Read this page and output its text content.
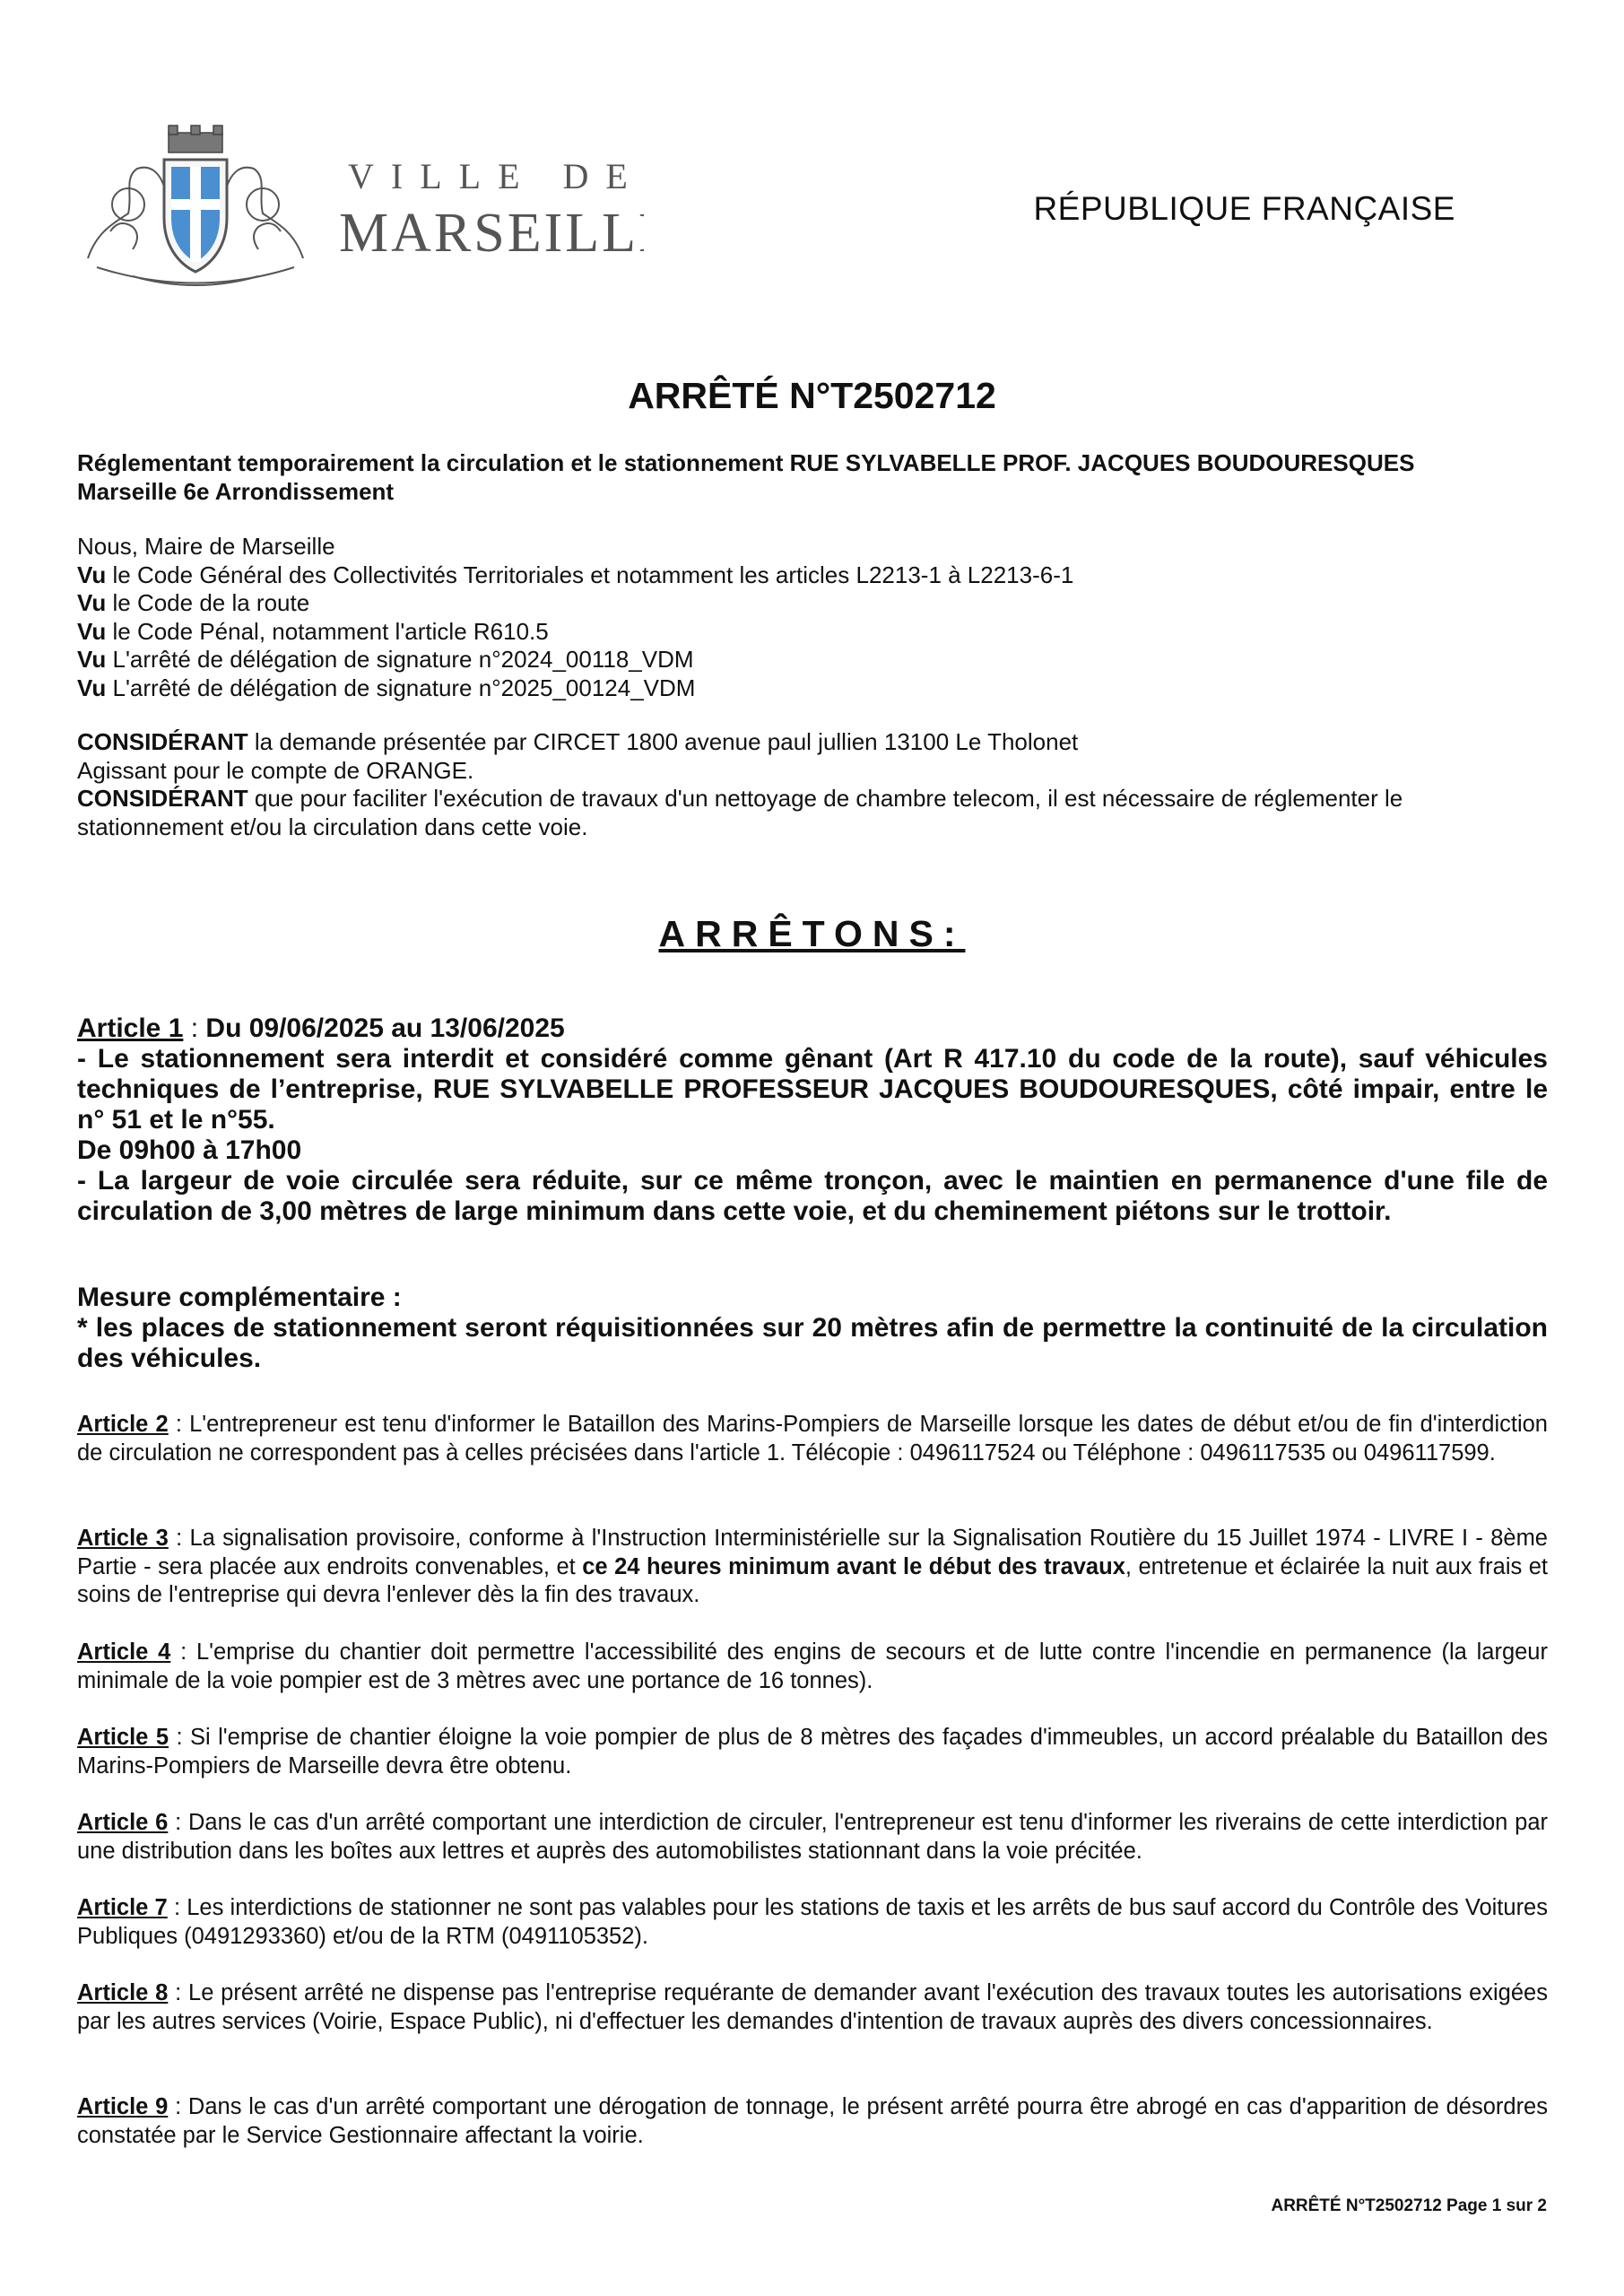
VILLE DE
MARSEILLE	RÉPUBLIQUE FRANÇAISE
ARRÊTÉ N°T2502712
Réglementant temporairement la circulation et le stationnement RUE SYLVABELLE PROF. JACQUES BOUDOURESQUES
Marseille 6e Arrondissement
Nous, Maire de Marseille
Vu le Code Général des Collectivités Territoriales et notamment les articles L2213-1 à L2213-6-1
Vu le Code de la route
Vu le Code Pénal, notamment l'article R610.5
Vu L'arrêté de délégation de signature n°2024_00118_VDM
Vu L'arrêté de délégation de signature n°2025_00124_VDM
CONSIDÉRANT la demande présentée par CIRCET 1800 avenue paul jullien 13100 Le Tholonet
Agissant pour le compte de ORANGE.
CONSIDÉRANT que pour faciliter l'exécution de travaux d'un nettoyage de chambre telecom, il est nécessaire de réglementer le stationnement et/ou la circulation dans cette voie.
ARRÊTONS:

Article 1 : Du 09/06/2025 au 13/06/2025

- Le stationnement sera interdit et considéré comme gênant (Art R 417.10 du code de la route), sauf véhicules techniques de l’entreprise, RUE SYLVABELLE PROFESSEUR JACQUES BOUDOURESQUES, côté impair, entre le n° 51 et le n°55.

De 09h00 à 17h00

- La largeur de voie circulée sera réduite, sur ce même tronçon, avec le maintien en permanence d'une file de circulation de 3,00 mètres de large minimum dans cette voie, et du cheminement piétons sur le trottoir.

Mesure complémentaire :

* les places de stationnement seront réquisitionnées sur 20 mètres afin de permettre la continuité de la circulation des véhicules.

Article 2 : L'entrepreneur est tenu d'informer le Bataillon des Marins-Pompiers de Marseille lorsque les dates de début et/ou de fin d'interdiction de circulation ne correspondent pas à celles précisées dans l'article 1. Télécopie : 0496117524 ou Téléphone : 0496117535 ou 0496117599.

Article 3 : La signalisation provisoire, conforme à l'Instruction Interministérielle sur la Signalisation Routière du 15 Juillet 1974 - LIVRE I - 8ème Partie - sera placée aux endroits convenables, et ce 24 heures minimum avant le début des travaux, entretenue et éclairée la nuit aux frais et soins de l'entreprise qui devra l'enlever dès la fin des travaux.

Article 4 : L'emprise du chantier doit permettre l'accessibilité des engins de secours et de lutte contre l'incendie en permanence (la largeur minimale de la voie pompier est de 3 mètres avec une portance de 16 tonnes).

Article 5 : Si l'emprise de chantier éloigne la voie pompier de plus de 8 mètres des façades d'immeubles, un accord préalable du Bataillon des Marins-Pompiers de Marseille devra être obtenu.

Article 6 : Dans le cas d'un arrêté comportant une interdiction de circuler, l'entrepreneur est tenu d'informer les riverains de cette interdiction par une distribution dans les boîtes aux lettres et auprès des automobilistes stationnant dans la voie précitée.

Article 7 : Les interdictions de stationner ne sont pas valables pour les stations de taxis et les arrêts de bus sauf accord du Contrôle des Voitures Publiques (0491293360) et/ou de la RTM (0491105352).

Article 8 : Le présent arrêté ne dispense pas l'entreprise requérante de demander avant l'exécution des travaux toutes les autorisations exigées par les autres services (Voirie, Espace Public), ni d'effectuer les demandes d'intention de travaux auprès des divers concessionnaires.

Article 9 : Dans le cas d'un arrêté comportant une dérogation de tonnage, le présent arrêté pourra être abrogé en cas d'apparition de désordres constatée par le Service Gestionnaire affectant la voirie.

ARRÊTÉ N°T2502712 Page 1 sur 2
